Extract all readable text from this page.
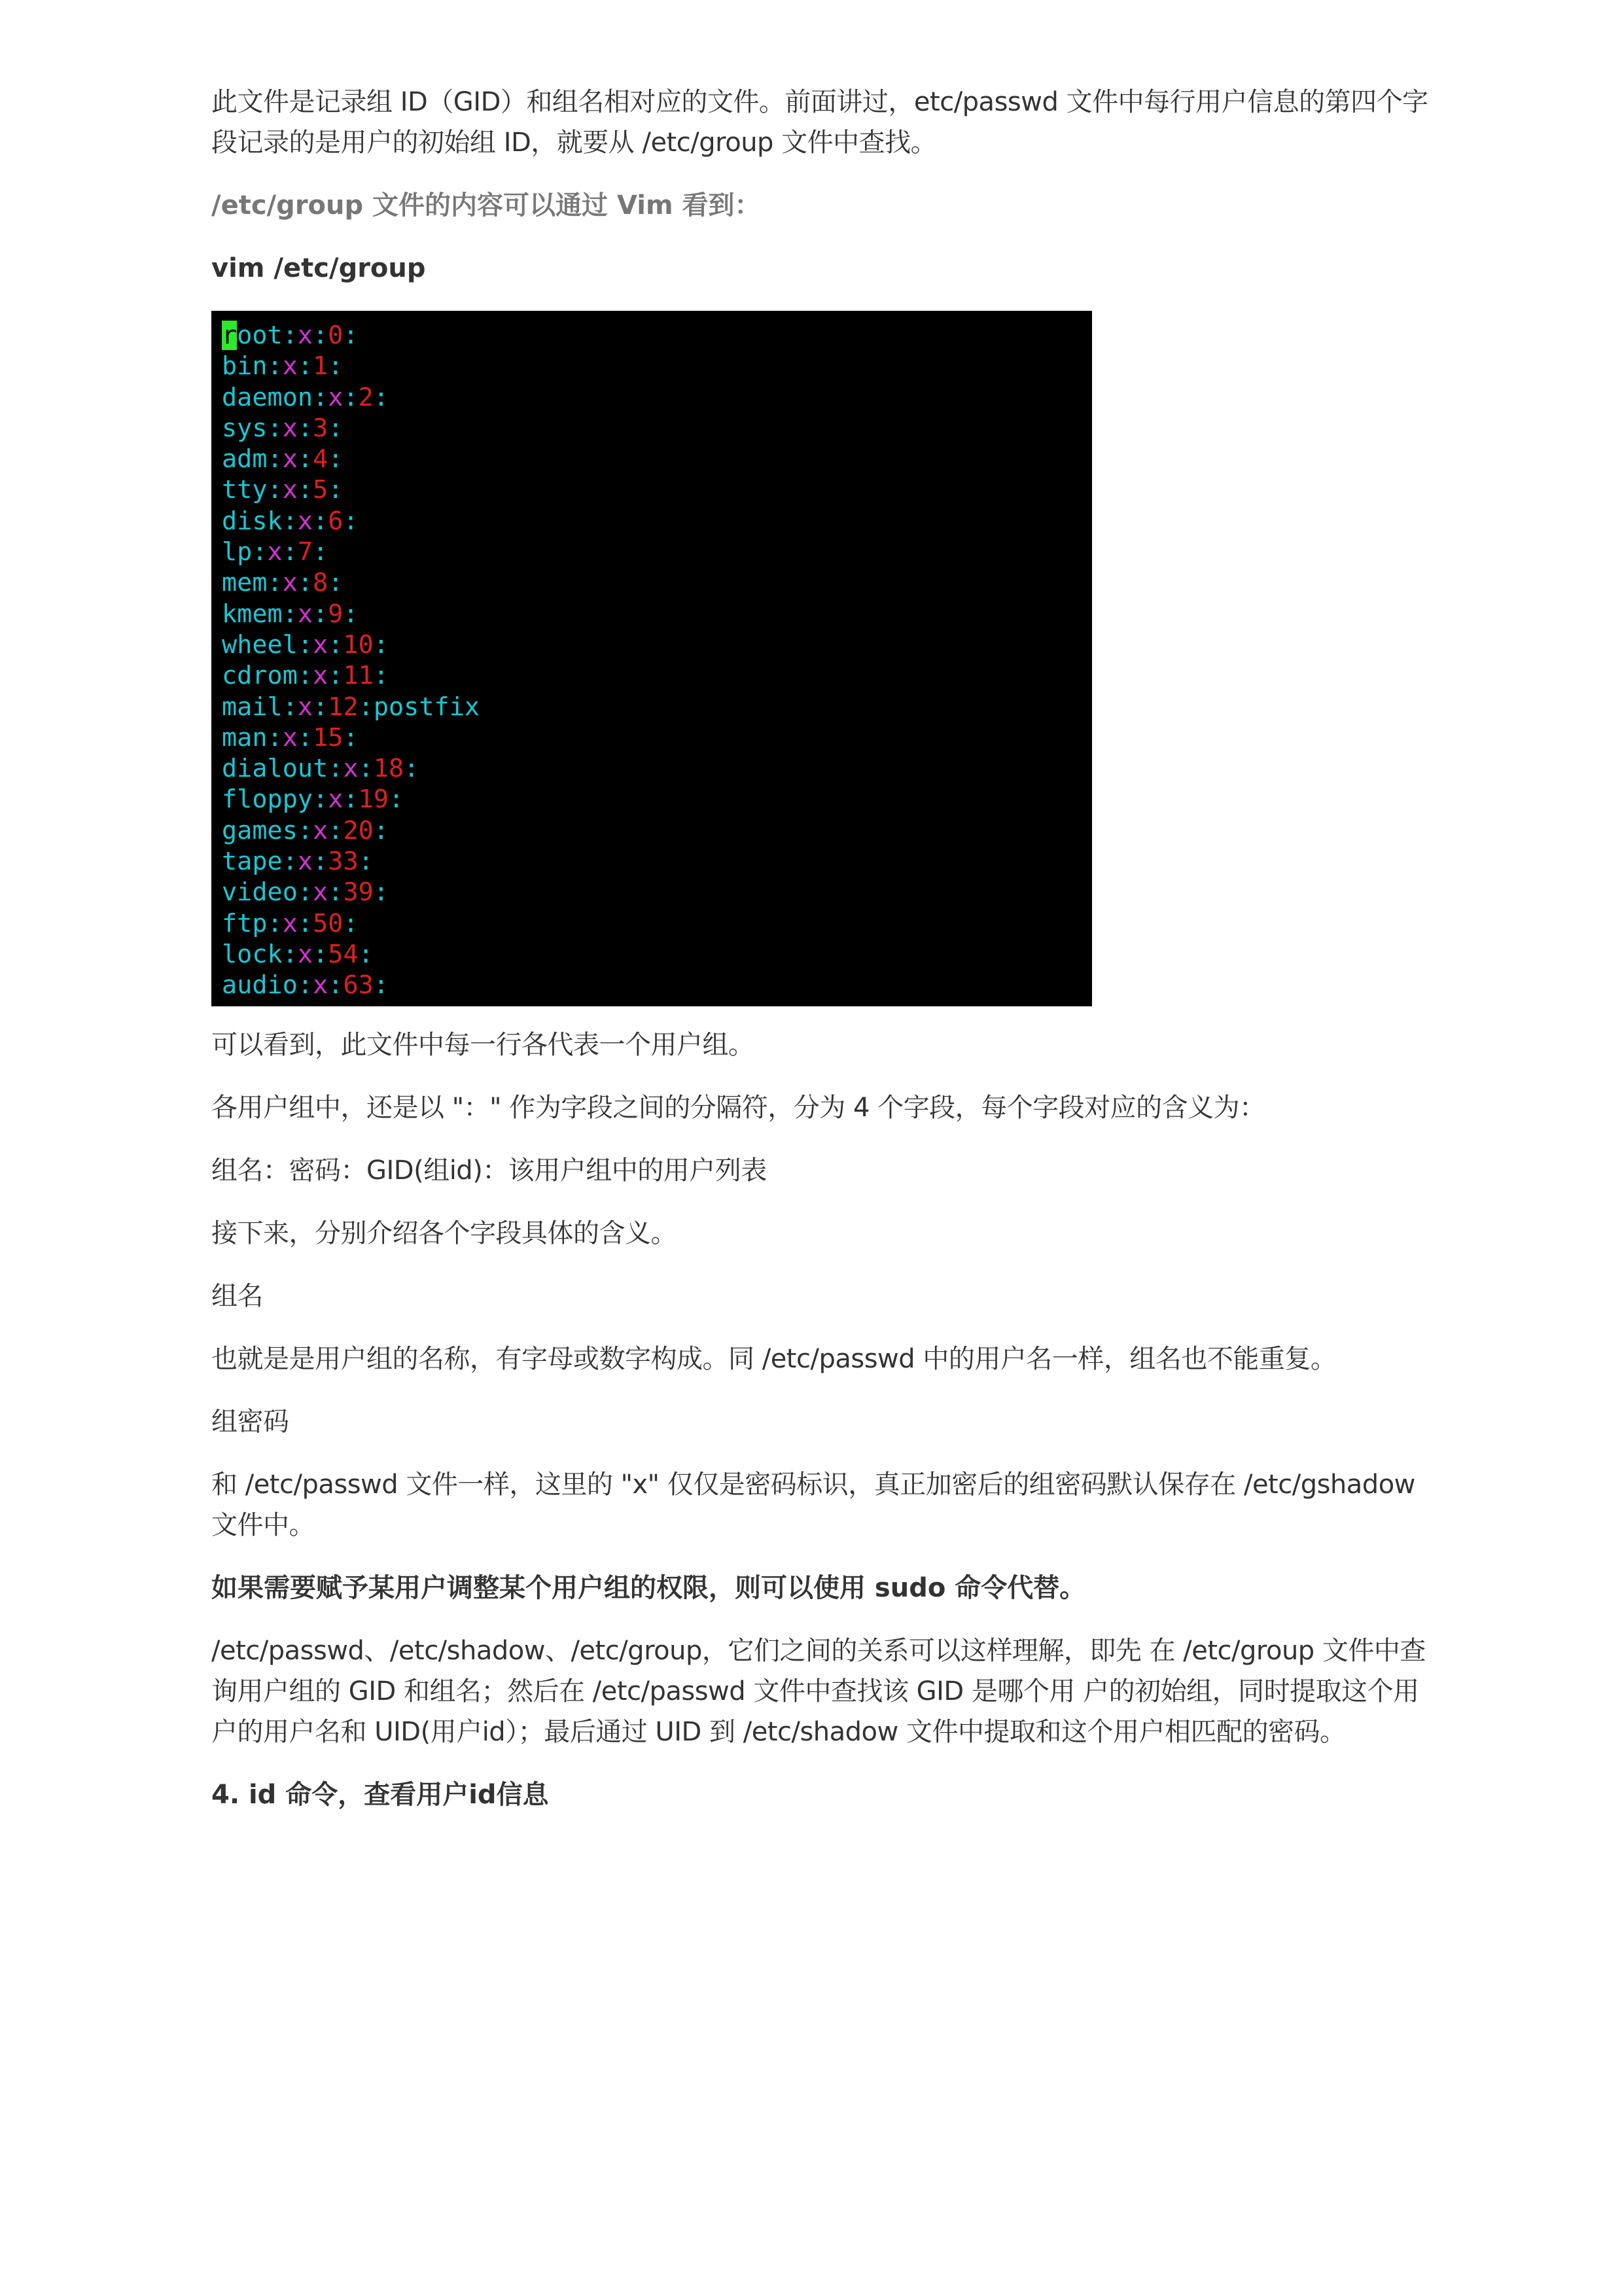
此文件是记录组 ID（GID）和组名相对应的文件。前面讲过，etc/passwd 文件中每行用户信息的第四个字 段记录的是用户的初始组 ID，就要从 /etc/group 文件中查找。

/etc/group 文件的内容可以通过 Vim 看到：

vim /etc/group

root:x:0:
bin:x:1:
daemon:x:2:
sys:x:3:
adm:x:4:
tty:x:5:
disk:x:6:
lp:x:7:
mem:x:8:
kmem:x:9:
wheel:x:10:
cdrom:x:11:
mail:x:12:postfix
man:x:15:
dialout:x:18:
floppy:x:19:
games:x:20:
tape:x:33:
video:x:39:
ftp:x:50:
lock:x:54:
audio:x:63:

可以看到，此文件中每一行各代表一个用户组。

各用户组中，还是以 "：" 作为字段之间的分隔符，分为 4 个字段，每个字段对应的含义为：

组名：密码：GID(组id)：该用户组中的用户列表

接下来，分别介绍各个字段具体的含义。

组名

也就是是用户组的名称，有字母或数字构成。同 /etc/passwd 中的用户名一样，组名也不能重复。

组密码

和 /etc/passwd 文件一样，这里的 "x" 仅仅是密码标识，真正加密后的组密码默认保存在 /etc/gshadow 文件中。

如果需要赋予某用户调整某个用户组的权限，则可以使用 sudo 命令代替。

/etc/passwd、/etc/shadow、/etc/group，它们之间的关系可以这样理解，即先 在 /etc/group 文件中查询用户组的 GID 和组名；然后在 /etc/passwd 文件中查找该 GID 是哪个用 户的初始组，同时提取这个用户的用户名和 UID(用户id）；最后通过 UID 到 /etc/shadow 文件中提取和这个用户相匹配的密码。

4. id 命令，查看用户id信息
